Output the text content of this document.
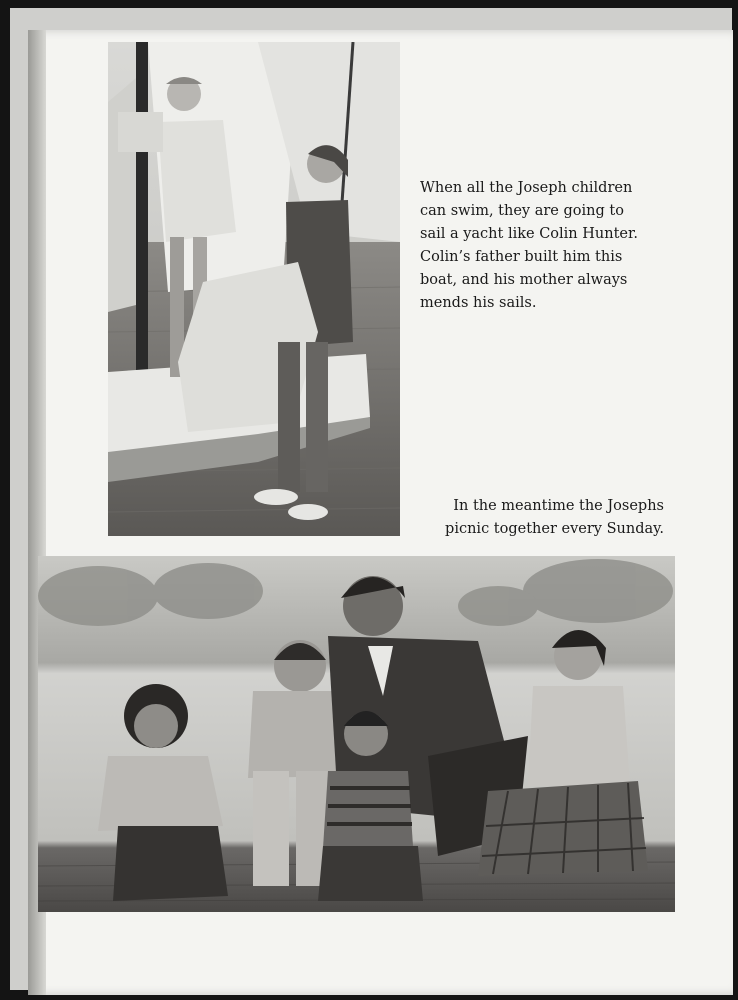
When all the Joseph children
can swim, they are going to
sail a yacht like Colin Hunter.
Colin’s father built him this
boat, and his mother always
mends his sails.

In the meantime the Josephs
picnic together every Sunday.
